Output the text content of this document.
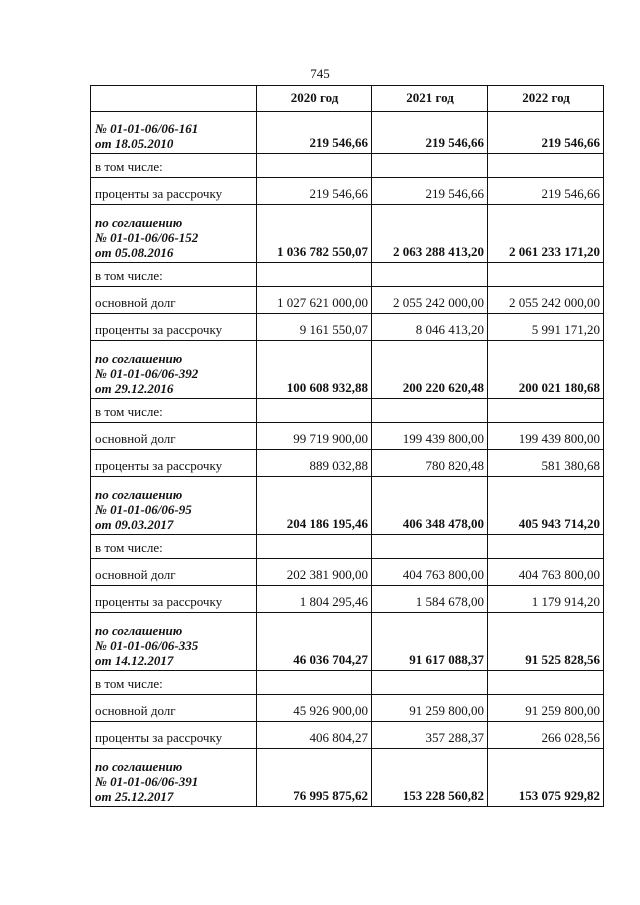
745
	2020 год	2021 год	2022 год

№ 01-01-06/06-161
от 18.05.2010	219 546,66	219 546,66	219 546,66
в том числе:			
проценты за рассрочку	219 546,66	219 546,66	219 546,66

по соглашению
№ 01-01-06/06-152
от 05.08.2016	1 036 782 550,07	2 063 288 413,20	2 061 233 171,20
в том числе:			
основной долг	1 027 621 000,00	2 055 242 000,00	2 055 242 000,00
проценты за рассрочку	9 161 550,07	8 046 413,20	5 991 171,20

по соглашению
№ 01-01-06/06-392
от 29.12.2016	100 608 932,88	200 220 620,48	200 021 180,68
в том числе:			
основной долг	99 719 900,00	199 439 800,00	199 439 800,00
проценты за рассрочку	889 032,88	780 820,48	581 380,68

по соглашению
№ 01-01-06/06-95
от 09.03.2017	204 186 195,46	406 348 478,00	405 943 714,20
в том числе:			
основной долг	202 381 900,00	404 763 800,00	404 763 800,00
проценты за рассрочку	1 804 295,46	1 584 678,00	1 179 914,20

по соглашению
№ 01-01-06/06-335
от 14.12.2017	46 036 704,27	91 617 088,37	91 525 828,56
в том числе:			
основной долг	45 926 900,00	91 259 800,00	91 259 800,00
проценты за рассрочку	406 804,27	357 288,37	266 028,56

по соглашению
№ 01-01-06/06-391
от 25.12.2017	76 995 875,62	153 228 560,82	153 075 929,82
